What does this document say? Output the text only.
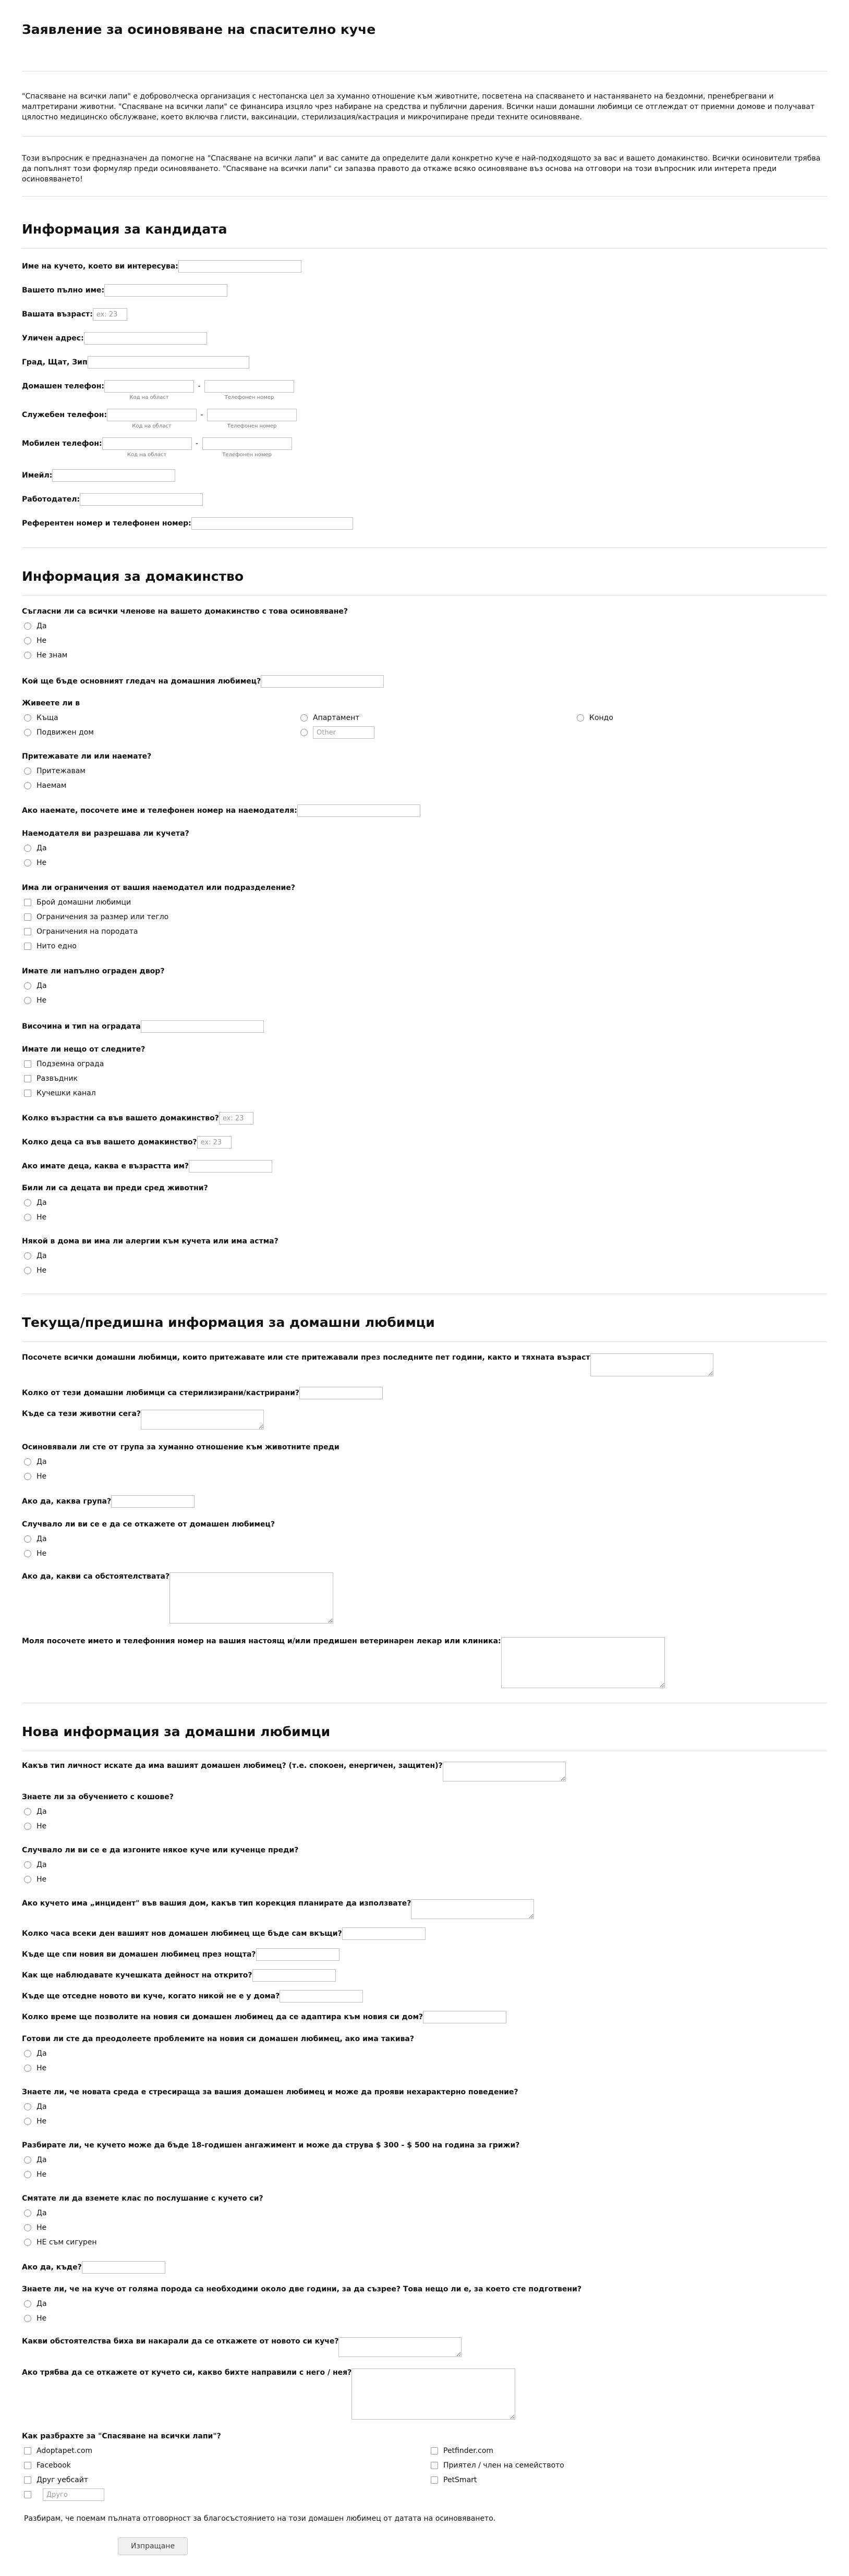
Заявление за осиновяване на спасително куче

"Спасяване на всички лапи" е доброволческа организация с нестопанска цел за хуманно отношение към животните, посветена на спасяването и настаняването на бездомни, пренебрегвани и малтретирани животни. "Спасяване на всички лапи" се финансира изцяло чрез набиране на средства и публични дарения. Всички наши домашни любимци се отглеждат от приемни домове и получават цялостно медицинско обслужване, което включва глисти, ваксинации, стерилизация/кастрация и микрочипиране преди техните осиновяване.

Този въпросник е предназначен да помогне на "Спасяване на всички лапи" и вас самите да определите дали конкретно куче е най-подходящото за вас и вашето домакинство. Всички осиновители трябва да попълнят този формуляр преди осиновяването. "Спасяване на всички лапи" си запазва правото да откаже всяко осиновяване въз основа на отговори на този въпросник или интерета преди осиновяването!

Информация за кандидата
Име на кучето, което ви интересува:
Вашето пълно име:
Вашата възраст:
ex: 23
Уличен адрес:
Град, Щат, Зип
Домашен телефон:
Код на област
-
Телефонен номер
Служебен телефон:
Код на област
-
Телефонен номер
Мобилен телефон:
Код на област
-
Телефонен номер
Имейл:
Работодател:
Референтен номер и телефонен номер:
Информация за домакинство
Съгласни ли са всички членове на вашето домакинство с това осиновяване?
Да
Не
Не знам
Кой ще бъде основният гледач на домашния любимец?
Живеете ли в
Къща	Апартамент	Кондо
Подвижен дом
Other
Притежавате ли или наемате?
Притежавам
Наемам
Ако наемате, посочете име и телефонен номер на наемодателя:
Наемодателя ви разрешава ли кучета?
Да
Не
Има ли ограничения от вашия наемодател или подразделение?
Брой домашни любимци
Ограничения за размер или тегло
Ограничения на породата
Нито едно
Имате ли напълно ограден двор?
Да
Не
Височина и тип на оградата
Имате ли нещо от следните?
Подземна ограда
Развъдник
Кучешки канал
Колко възрастни са във вашето домакинство?
ex: 23
Колко деца са във вашето домакинство?
ex: 23
Ако имате деца, каква е възрастта им?
Били ли са децата ви преди сред животни?
Да
Не
Някой в дома ви има ли алергии към кучета или има астма?
Да
Не
Текуща/предишна информация за домашни любимци
Посочете всички домашни любимци, които притежавате или сте притежавали през последните пет години, както и тяхната възраст
Колко от тези домашни любимци са стерилизирани/кастрирани?
Къде са тези животни сега?
Осиновявали ли сте от група за хуманно отношение към животните преди
Да
Не
Ако да, каква група?
Случвало ли ви се е да се откажете от домашен любимец?
Да
Не
Ако да, какви са обстоятелствата?
Моля посочете името и телефонния номер на вашия настоящ и/или предишен ветеринарен лекар или клиника:
Нова информация за домашни любимци
Какъв тип личност искате да има вашият домашен любимец? (т.е. спокоен, енергичен, защитен)?
Знаете ли за обучението с кошове?
Да
Не
Случвало ли ви се е да изгоните някое куче или кученце преди?
Да
Не
Ако кучето има „инцидент" във вашия дом, какъв тип корекция планирате да използвате?
Колко часа всеки ден вашият нов домашен любимец ще бъде сам вкъщи?
Къде ще спи новия ви домашен любимец през нощта?
Как ще наблюдавате кучешката дейност на открито?
Къде ще отседне новото ви куче, когато никой не е у дома?
Колко време ще позволите на новия си домашен любимец да се адаптира към новия си дом?
Готови ли сте да преодолеете проблемите на новия си домашен любимец, ако има такива?
Да
Не
Знаете ли, че новата среда е стресираща за вашия домашен любимец и може да прояви нехарактерно поведение?
Да
Не
Разбирате ли, че кучето може да бъде 18-годишен ангажимент и може да струва $ 300 - $ 500 на година за грижи?
Да
Не
Смятате ли да вземете клас по послушание с кучето си?
Да
Не
НЕ съм сигурен
Ако да, къде?
Знаете ли, че на куче от голяма порода са необходими около две години, за да съзрее? Това нещо ли е, за което сте подготвени?
Да
Не
Какви обстоятелства биха ви накарали да се откажете от новото си куче?
Ако трябва да се откажете от кучето си, какво бихте направили с него / нея?
Как разбрахте за "Спасяване на всички лапи"?
Adoptapet.com	Petfinder.com
Facebook	Приятел / член на семейството
Друг уебсайт	PetSmart
Друго

Разбирам, че поемам пълната отговорност за благосъстоянието на този домашен любимец от датата на осиновяването.

Изпращане
